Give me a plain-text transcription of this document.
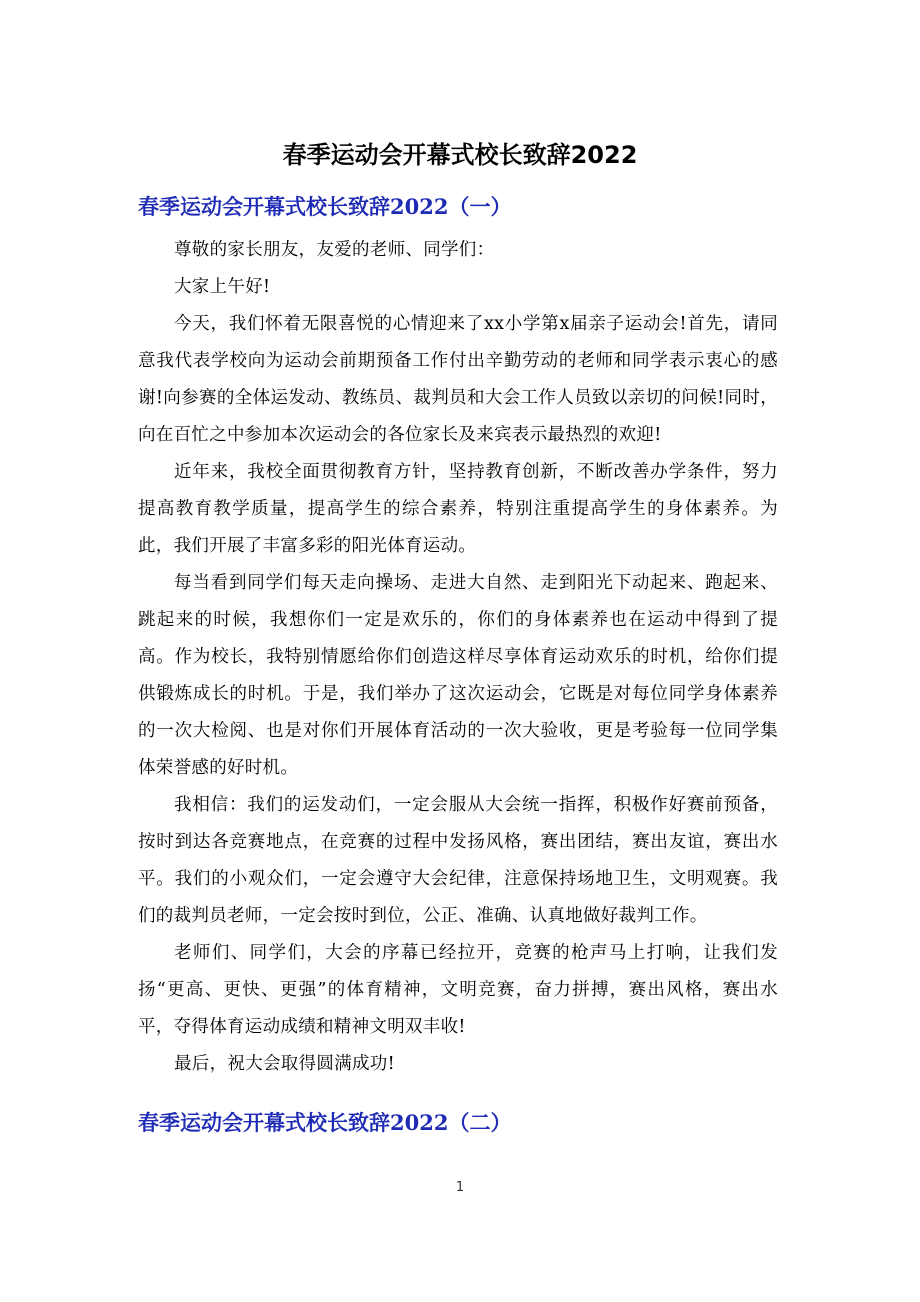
春季运动会开幕式校长致辞2022
春季运动会开幕式校长致辞2022（一）

尊敬的家长朋友，友爱的老师、同学们：

大家上午好!

今天，我们怀着无限喜悦的心情迎来了xx小学第x届亲子运动会!首先，请同意我代表学校向为运动会前期预备工作付出辛勤劳动的老师和同学表示衷心的感谢!向参赛的全体运发动、教练员、裁判员和大会工作人员致以亲切的问候!同时，向在百忙之中参加本次运动会的各位家长及来宾表示最热烈的欢迎!

近年来，我校全面贯彻教育方针，坚持教育创新，不断改善办学条件，努力提高教育教学质量，提高学生的综合素养，特别注重提高学生的身体素养。为此，我们开展了丰富多彩的阳光体育运动。

每当看到同学们每天走向操场、走进大自然、走到阳光下动起来、跑起来、跳起来的时候，我想你们一定是欢乐的，你们的身体素养也在运动中得到了提高。作为校长，我特别情愿给你们创造这样尽享体育运动欢乐的时机，给你们提供锻炼成长的时机。于是，我们举办了这次运动会，它既是对每位同学身体素养的一次大检阅、也是对你们开展体育活动的一次大验收，更是考验每一位同学集体荣誉感的好时机。

我相信：我们的运发动们，一定会服从大会统一指挥，积极作好赛前预备，按时到达各竞赛地点，在竞赛的过程中发扬风格，赛出团结，赛出友谊，赛出水平。我们的小观众们，一定会遵守大会纪律，注意保持场地卫生，文明观赛。我们的裁判员老师，一定会按时到位，公正、准确、认真地做好裁判工作。

老师们、同学们，大会的序幕已经拉开，竞赛的枪声马上打响，让我们发扬“更高、更快、更强”的体育精神，文明竞赛，奋力拼搏，赛出风格，赛出水平，夺得体育运动成绩和精神文明双丰收!

最后，祝大会取得圆满成功!

春季运动会开幕式校长致辞2022（二）
1
